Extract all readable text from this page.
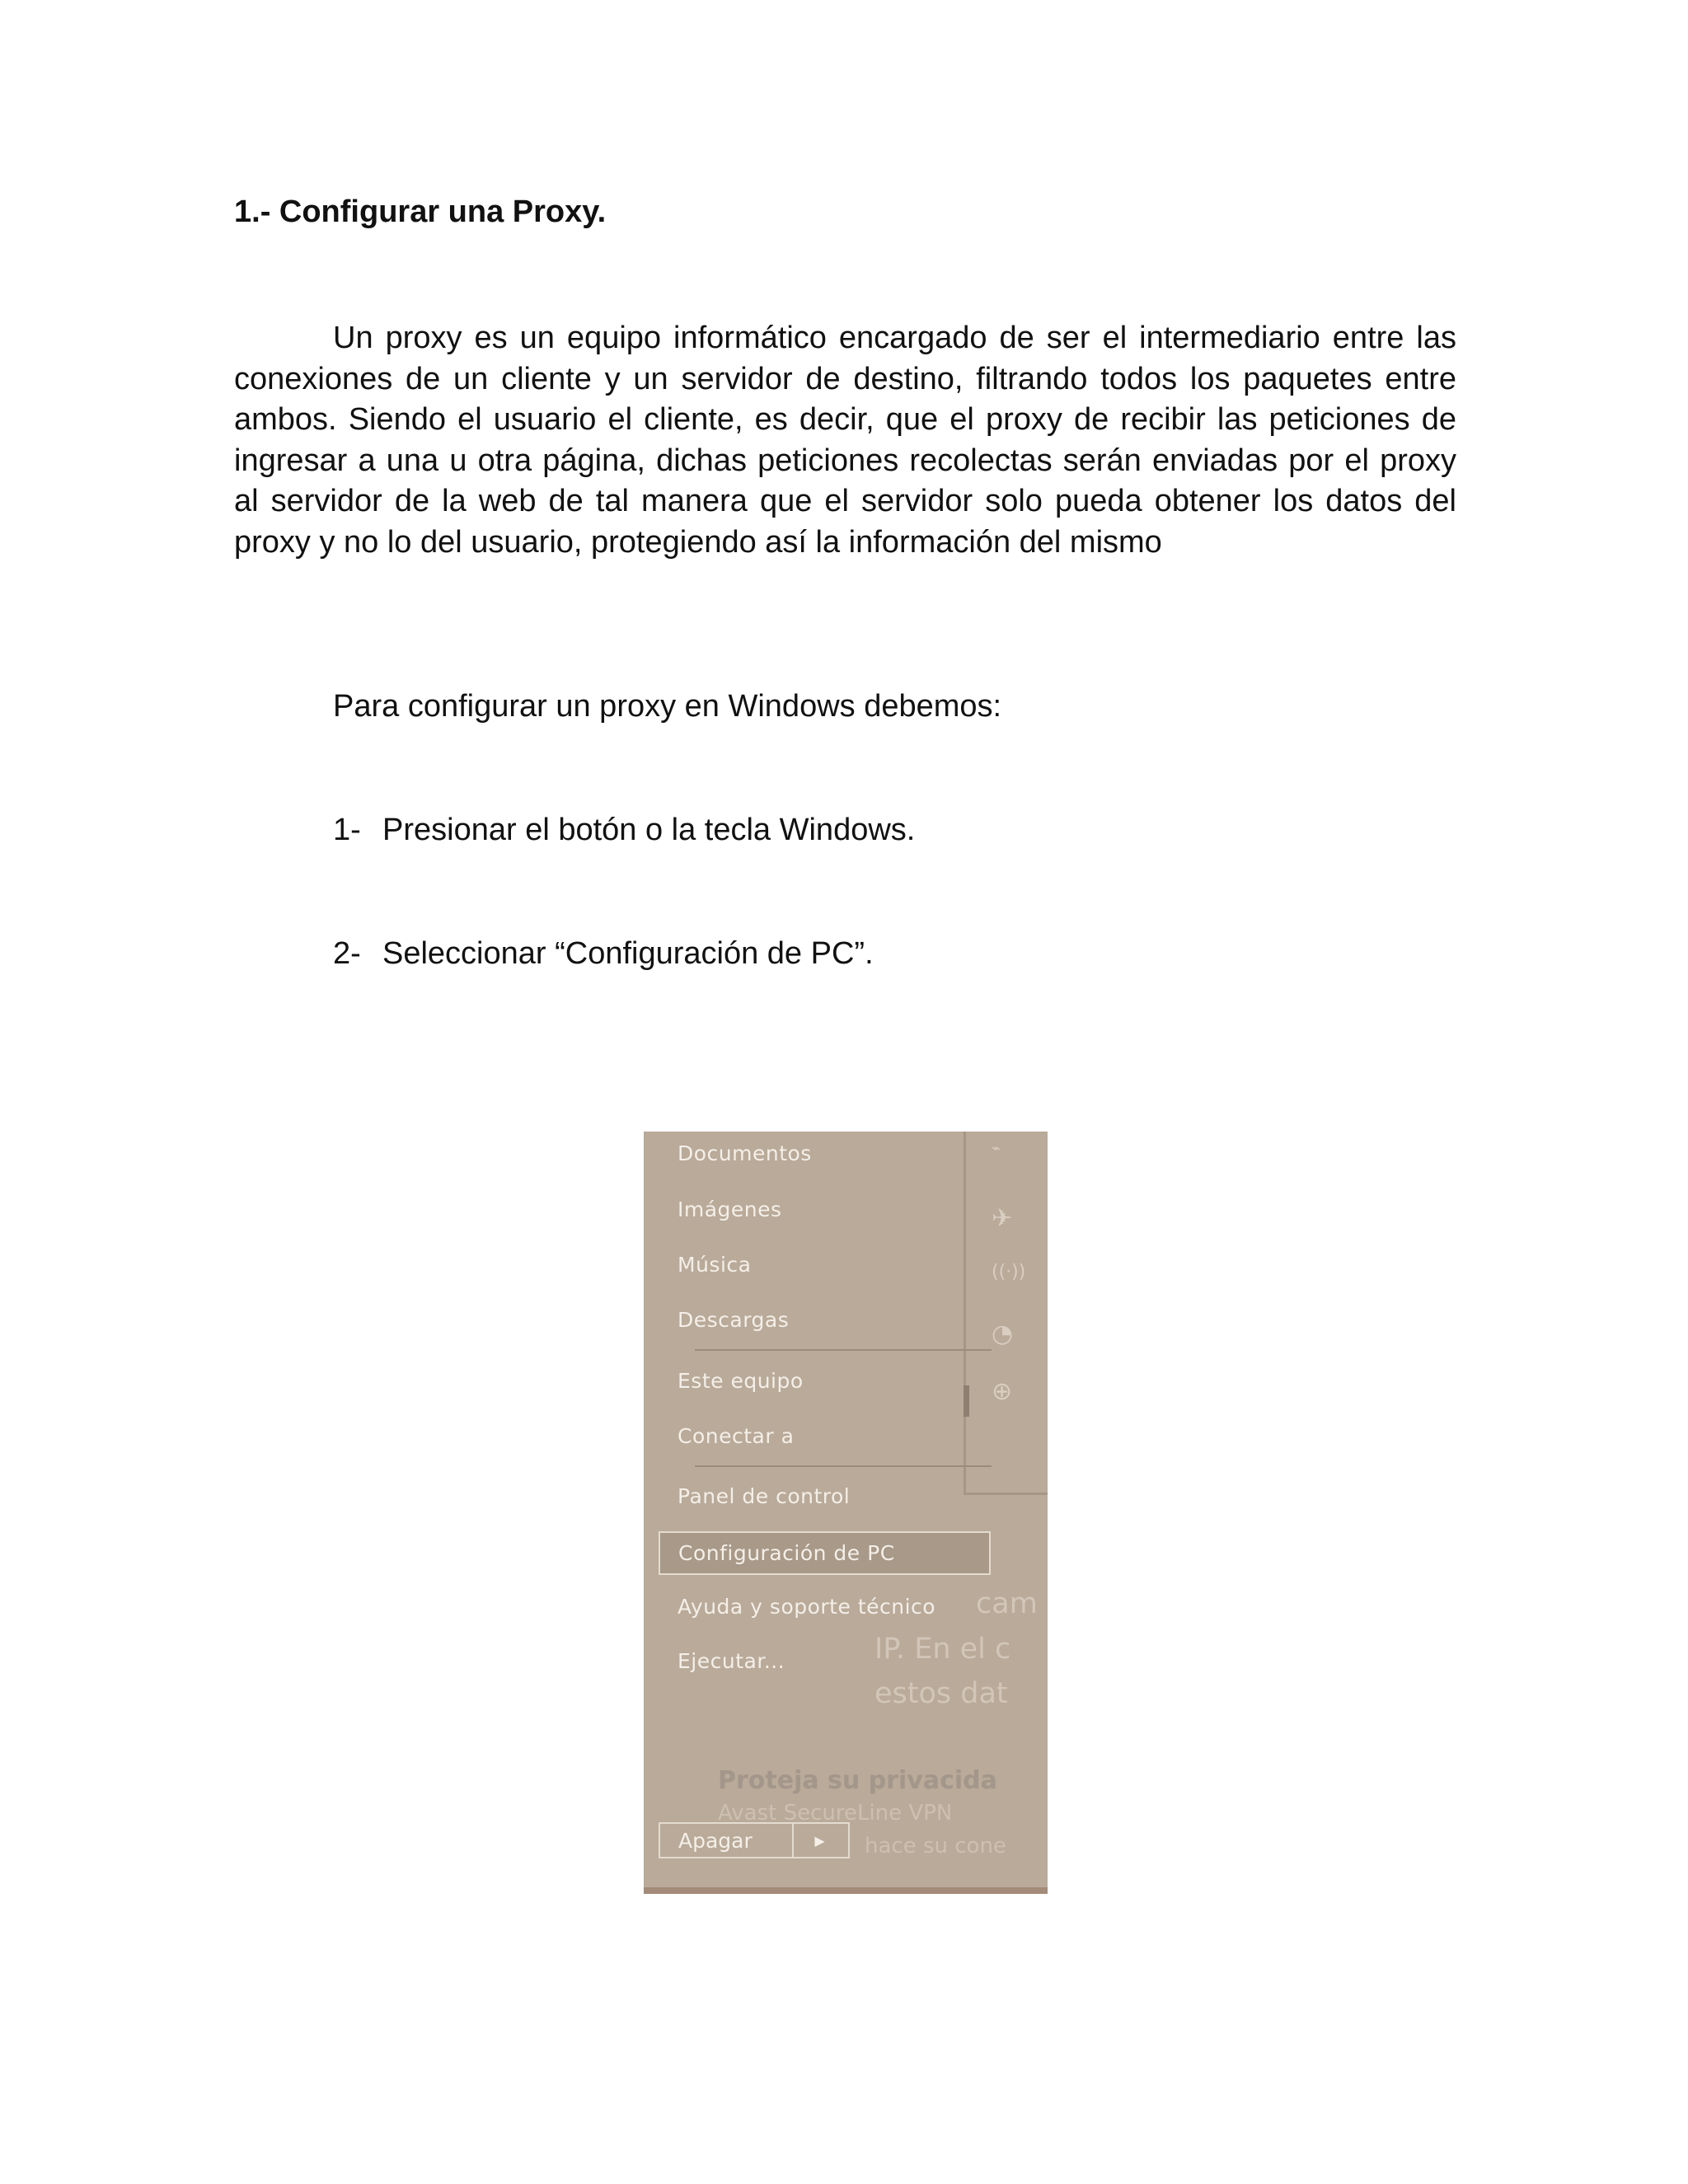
1.- Configurar una Proxy.

Un proxy es un equipo informático encargado de ser el intermediario entre las conexiones de un cliente y un servidor de destino, filtrando todos los paquetes entre ambos. Siendo el usuario el cliente, es decir, que el proxy de recibir las peticiones de ingresar a una u otra página, dichas peticiones recolectas serán enviadas por el proxy al servidor de la web de tal manera que el servidor solo pueda obtener los datos del proxy y no lo del usuario, protegiendo así la información del mismo

Para configurar un proxy en Windows debemos:

1- Presionar el botón o la tecla Windows.
2- Seleccionar “Configuración de PC”.
⌁
✈
((·))
◔
⊕
Documentos
Imágenes
Música
Descargas
Este equipo
Conectar a
Panel de control
Configuración de PC
cam
Ayuda y soporte técnico
IP. En el c
Ejecutar...
estos dat
Proteja su privacida
Avast SecureLine VPN
hace su cone
Apagar	▶
